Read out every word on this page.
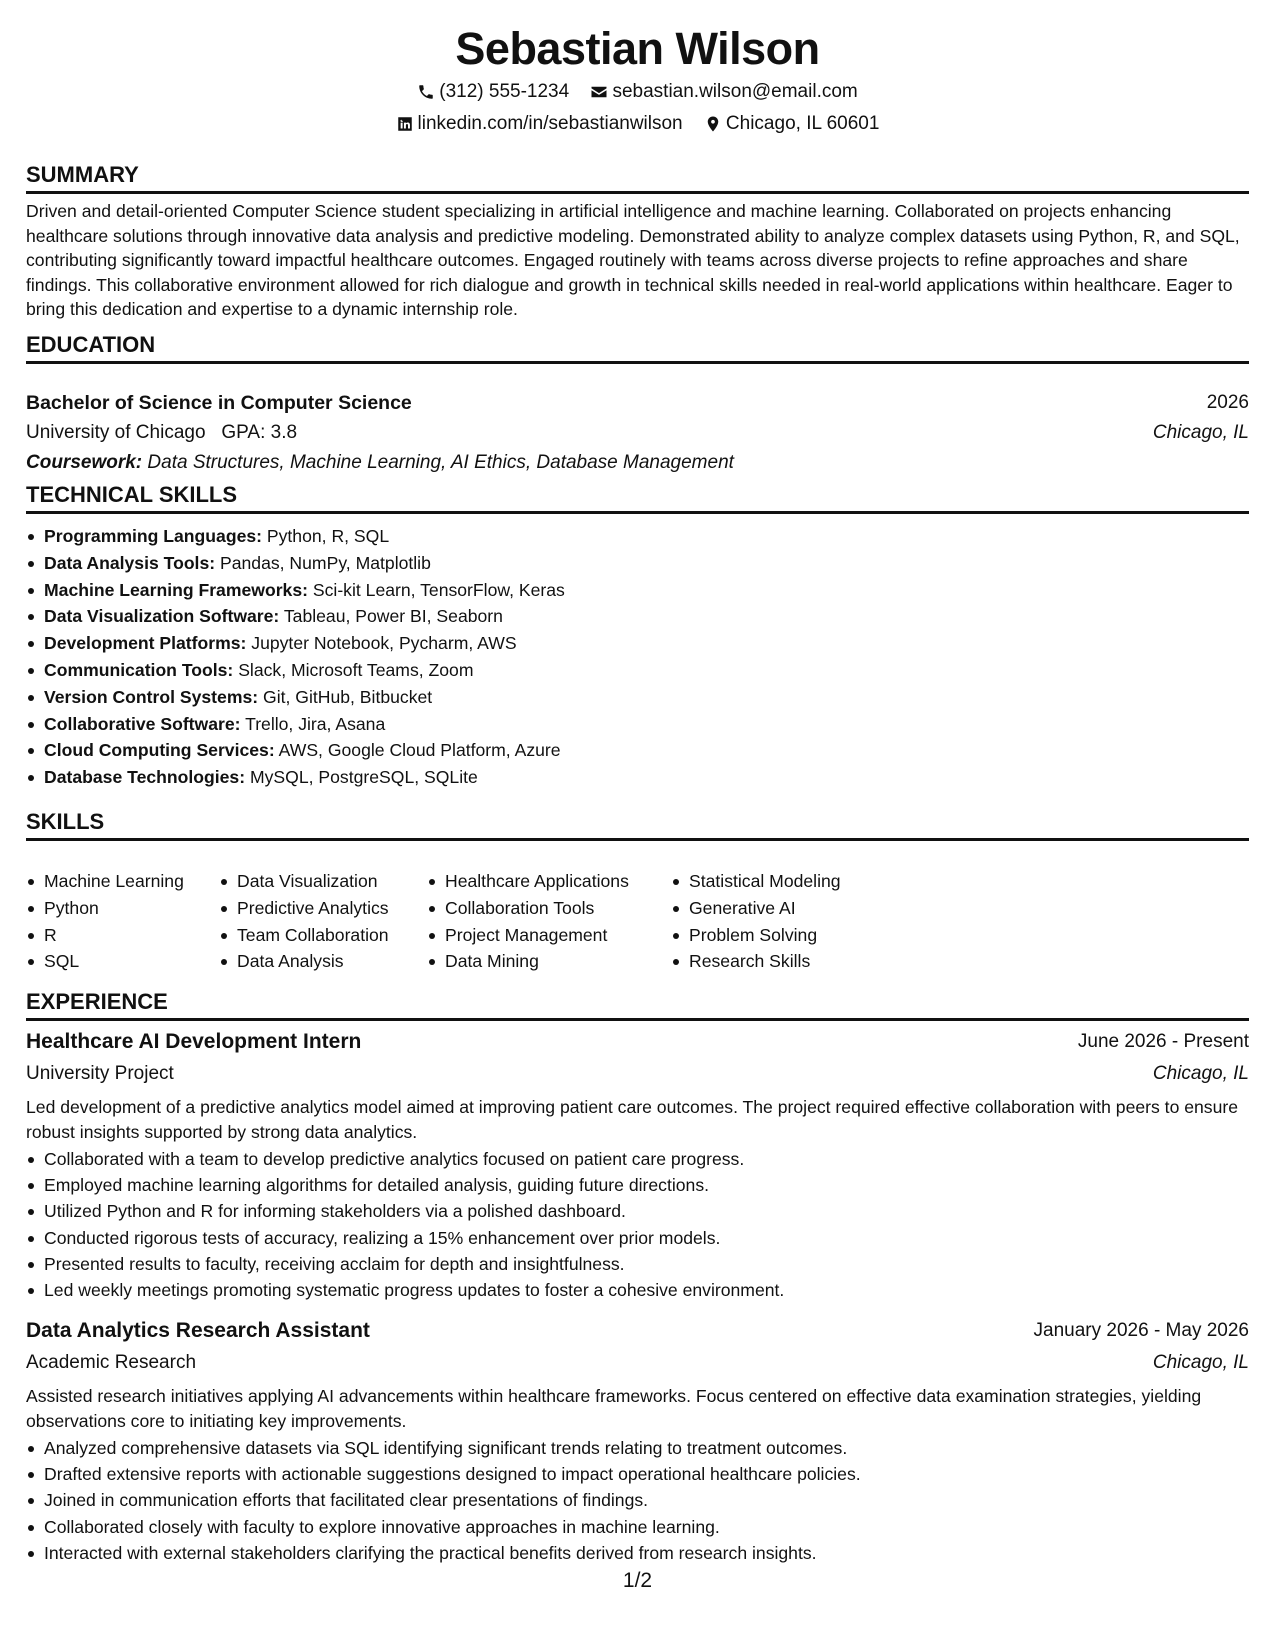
Sebastian Wilson
(312) 555-1234
sebastian.wilson@email.com
linkedin.com/in/sebastianwilson
Chicago, IL 60601
SUMMARY
Driven and detail-oriented Computer Science student specializing in artificial intelligence and machine learning. Collaborated on projects enhancing healthcare solutions through innovative data analysis and predictive modeling. Demonstrated ability to analyze complex datasets using Python, R, and SQL, contributing significantly toward impactful healthcare outcomes. Engaged routinely with teams across diverse projects to refine approaches and share findings. This collaborative environment allowed for rich dialogue and growth in technical skills needed in real-world applications within healthcare. Eager to bring this dedication and expertise to a dynamic internship role.
EDUCATION
Bachelor of Science in Computer Science	2026
University of Chicago GPA: 3.8	Chicago, IL
Coursework: Data Structures, Machine Learning, AI Ethics, Database Management
TECHNICAL SKILLS
Programming Languages: Python, R, SQL
Data Analysis Tools: Pandas, NumPy, Matplotlib
Machine Learning Frameworks: Sci-kit Learn, TensorFlow, Keras
Data Visualization Software: Tableau, Power BI, Seaborn
Development Platforms: Jupyter Notebook, Pycharm, AWS
Communication Tools: Slack, Microsoft Teams, Zoom
Version Control Systems: Git, GitHub, Bitbucket
Collaborative Software: Trello, Jira, Asana
Cloud Computing Services: AWS, Google Cloud Platform, Azure
Database Technologies: MySQL, PostgreSQL, SQLite
SKILLS
Machine Learning
Python
R
SQL
Data Visualization
Predictive Analytics
Team Collaboration
Data Analysis
Healthcare Applications
Collaboration Tools
Project Management
Data Mining
Statistical Modeling
Generative AI
Problem Solving
Research Skills
EXPERIENCE
Healthcare AI Development Intern	June 2026 - Present
University Project	Chicago, IL
Led development of a predictive analytics model aimed at improving patient care outcomes. The project required effective collaboration with peers to ensure robust insights supported by strong data analytics.
Collaborated with a team to develop predictive analytics focused on patient care progress.
Employed machine learning algorithms for detailed analysis, guiding future directions.
Utilized Python and R for informing stakeholders via a polished dashboard.
Conducted rigorous tests of accuracy, realizing a 15% enhancement over prior models.
Presented results to faculty, receiving acclaim for depth and insightfulness.
Led weekly meetings promoting systematic progress updates to foster a cohesive environment.
Data Analytics Research Assistant	January 2026 - May 2026
Academic Research	Chicago, IL
Assisted research initiatives applying AI advancements within healthcare frameworks. Focus centered on effective data examination strategies, yielding observations core to initiating key improvements.
Analyzed comprehensive datasets via SQL identifying significant trends relating to treatment outcomes.
Drafted extensive reports with actionable suggestions designed to impact operational healthcare policies.
Joined in communication efforts that facilitated clear presentations of findings.
Collaborated closely with faculty to explore innovative approaches in machine learning.
Interacted with external stakeholders clarifying the practical benefits derived from research insights.
1/2
